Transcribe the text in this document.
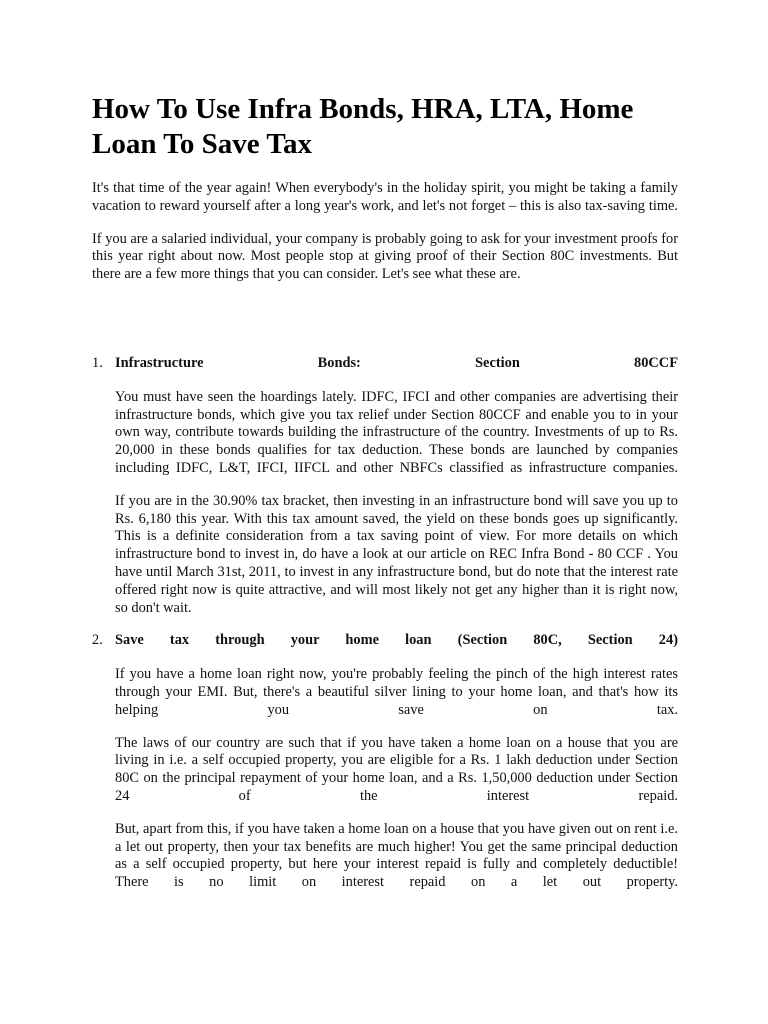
How To Use Infra Bonds, HRA, LTA, Home Loan To Save Tax

It's that time of the year again! When everybody's in the holiday spirit, you might be taking a family vacation to reward yourself after a long year's work, and let's not forget – this is also tax-saving time.

If you are a salaried individual, your company is probably going to ask for your investment proofs for this year right about now. Most people stop at giving proof of their Section 80C investments. But there are a few more things that you can consider. Let's see what these are.

1. Infrastructure Bonds: Section 80CCF

You must have seen the hoardings lately. IDFC, IFCI and other companies are advertising their infrastructure bonds, which give you tax relief under Section 80CCF and enable you to in your own way, contribute towards building the infrastructure of the country. Investments of up to Rs. 20,000 in these bonds qualifies for tax deduction. These bonds are launched by companies including IDFC, L&T, IFCI, IIFCL and other NBFCs classified as infrastructure companies.

If you are in the 30.90% tax bracket, then investing in an infrastructure bond will save you up to Rs. 6,180 this year. With this tax amount saved, the yield on these bonds goes up significantly. This is a definite consideration from a tax saving point of view. For more details on which infrastructure bond to invest in, do have a look at our article on REC Infra Bond - 80 CCF . You have until March 31st, 2011, to invest in any infrastructure bond, but do note that the interest rate offered right now is quite attractive, and will most likely not get any higher than it is right now, so don't wait.

2. Save tax through your home loan (Section 80C, Section 24)

If you have a home loan right now, you're probably feeling the pinch of the high interest rates through your EMI. But, there's a beautiful silver lining to your home loan, and that's how its helping you save on tax.

The laws of our country are such that if you have taken a home loan on a house that you are living in i.e. a self occupied property, you are eligible for a Rs. 1 lakh deduction under Section 80C on the principal repayment of your home loan, and a Rs. 1,50,000 deduction under Section 24 of the interest repaid.

But, apart from this, if you have taken a home loan on a house that you have given out on rent i.e. a let out property, then your tax benefits are much higher! You get the same principal deduction as a self occupied property, but here your interest repaid is fully and completely deductible! There is no limit on interest repaid on a let out property.
